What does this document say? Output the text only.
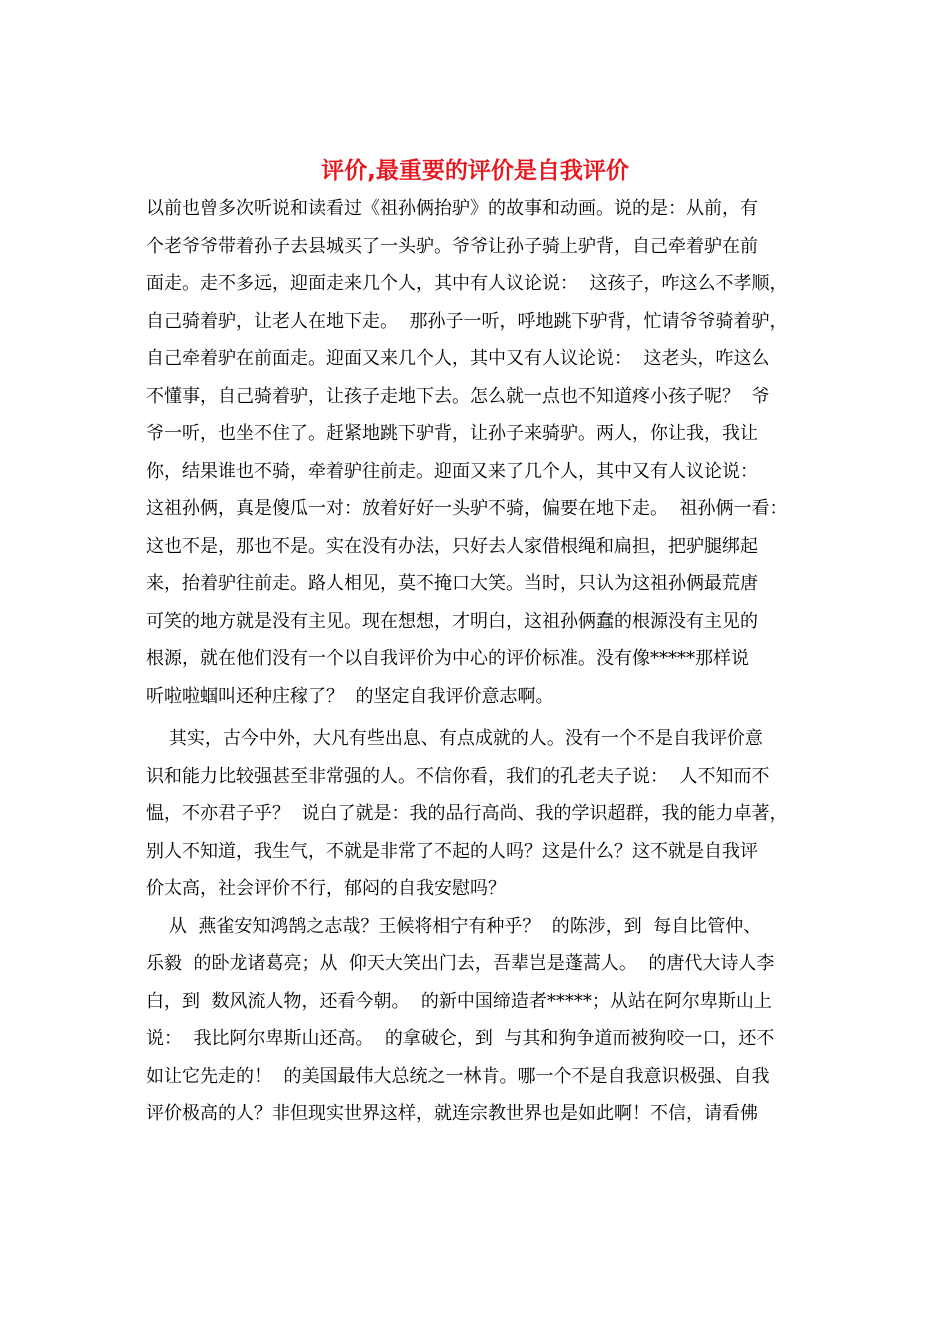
评价,最重要的评价是自我评价
以前也曾多次听说和读看过《祖孙俩抬驴》的故事和动画。说的是：从前，有
个老爷爷带着孙子去县城买了一头驴。爷爷让孙子骑上驴背，自己牵着驴在前
面走。走不多远，迎面走来几个人，其中有人议论说：  这孩子，咋这么不孝顺，
自己骑着驴，让老人在地下走。  那孙子一听，呼地跳下驴背，忙请爷爷骑着驴，
自己牵着驴在前面走。迎面又来几个人，其中又有人议论说：  这老头，咋这么
不懂事，自己骑着驴，让孩子走地下去。怎么就一点也不知道疼小孩子呢？  爷
爷一听，也坐不住了。赶紧地跳下驴背，让孙子来骑驴。两人，你让我，我让
你，结果谁也不骑，牵着驴往前走。迎面又来了几个人，其中又有人议论说：
这祖孙俩，真是傻瓜一对：放着好好一头驴不骑，偏要在地下走。  祖孙俩一看：
这也不是，那也不是。实在没有办法，只好去人家借根绳和扁担，把驴腿绑起
来，抬着驴往前走。路人相见，莫不掩口大笑。当时，只认为这祖孙俩最荒唐
可笑的地方就是没有主见。现在想想，才明白，这祖孙俩蠢的根源没有主见的
根源，就在他们没有一个以自我评价为中心的评价标准。没有像*****那样说
听啦啦蝈叫还种庄稼了？  的坚定自我评价意志啊。
其实，古今中外，大凡有些出息、有点成就的人。没有一个不是自我评价意
识和能力比较强甚至非常强的人。不信你看，我们的孔老夫子说：  人不知而不
愠，不亦君子乎？  说白了就是：我的品行高尚、我的学识超群，我的能力卓著，
别人不知道，我生气，不就是非常了不起的人吗？这是什么？这不就是自我评
价太高，社会评价不行，郁闷的自我安慰吗？
从  燕雀安知鸿鹄之志哉？王候将相宁有种乎？  的陈涉，到  每自比管仲、
乐毅  的卧龙诸葛亮；从  仰天大笑出门去，吾辈岂是蓬蒿人。  的唐代大诗人李
白，到  数风流人物，还看今朝。  的新中国缔造者*****；从站在阿尔卑斯山上
说：  我比阿尔卑斯山还高。  的拿破仑，到  与其和狗争道而被狗咬一口，还不
如让它先走的！  的美国最伟大总统之一林肯。哪一个不是自我意识极强、自我
评价极高的人？非但现实世界这样，就连宗教世界也是如此啊！不信，请看佛
